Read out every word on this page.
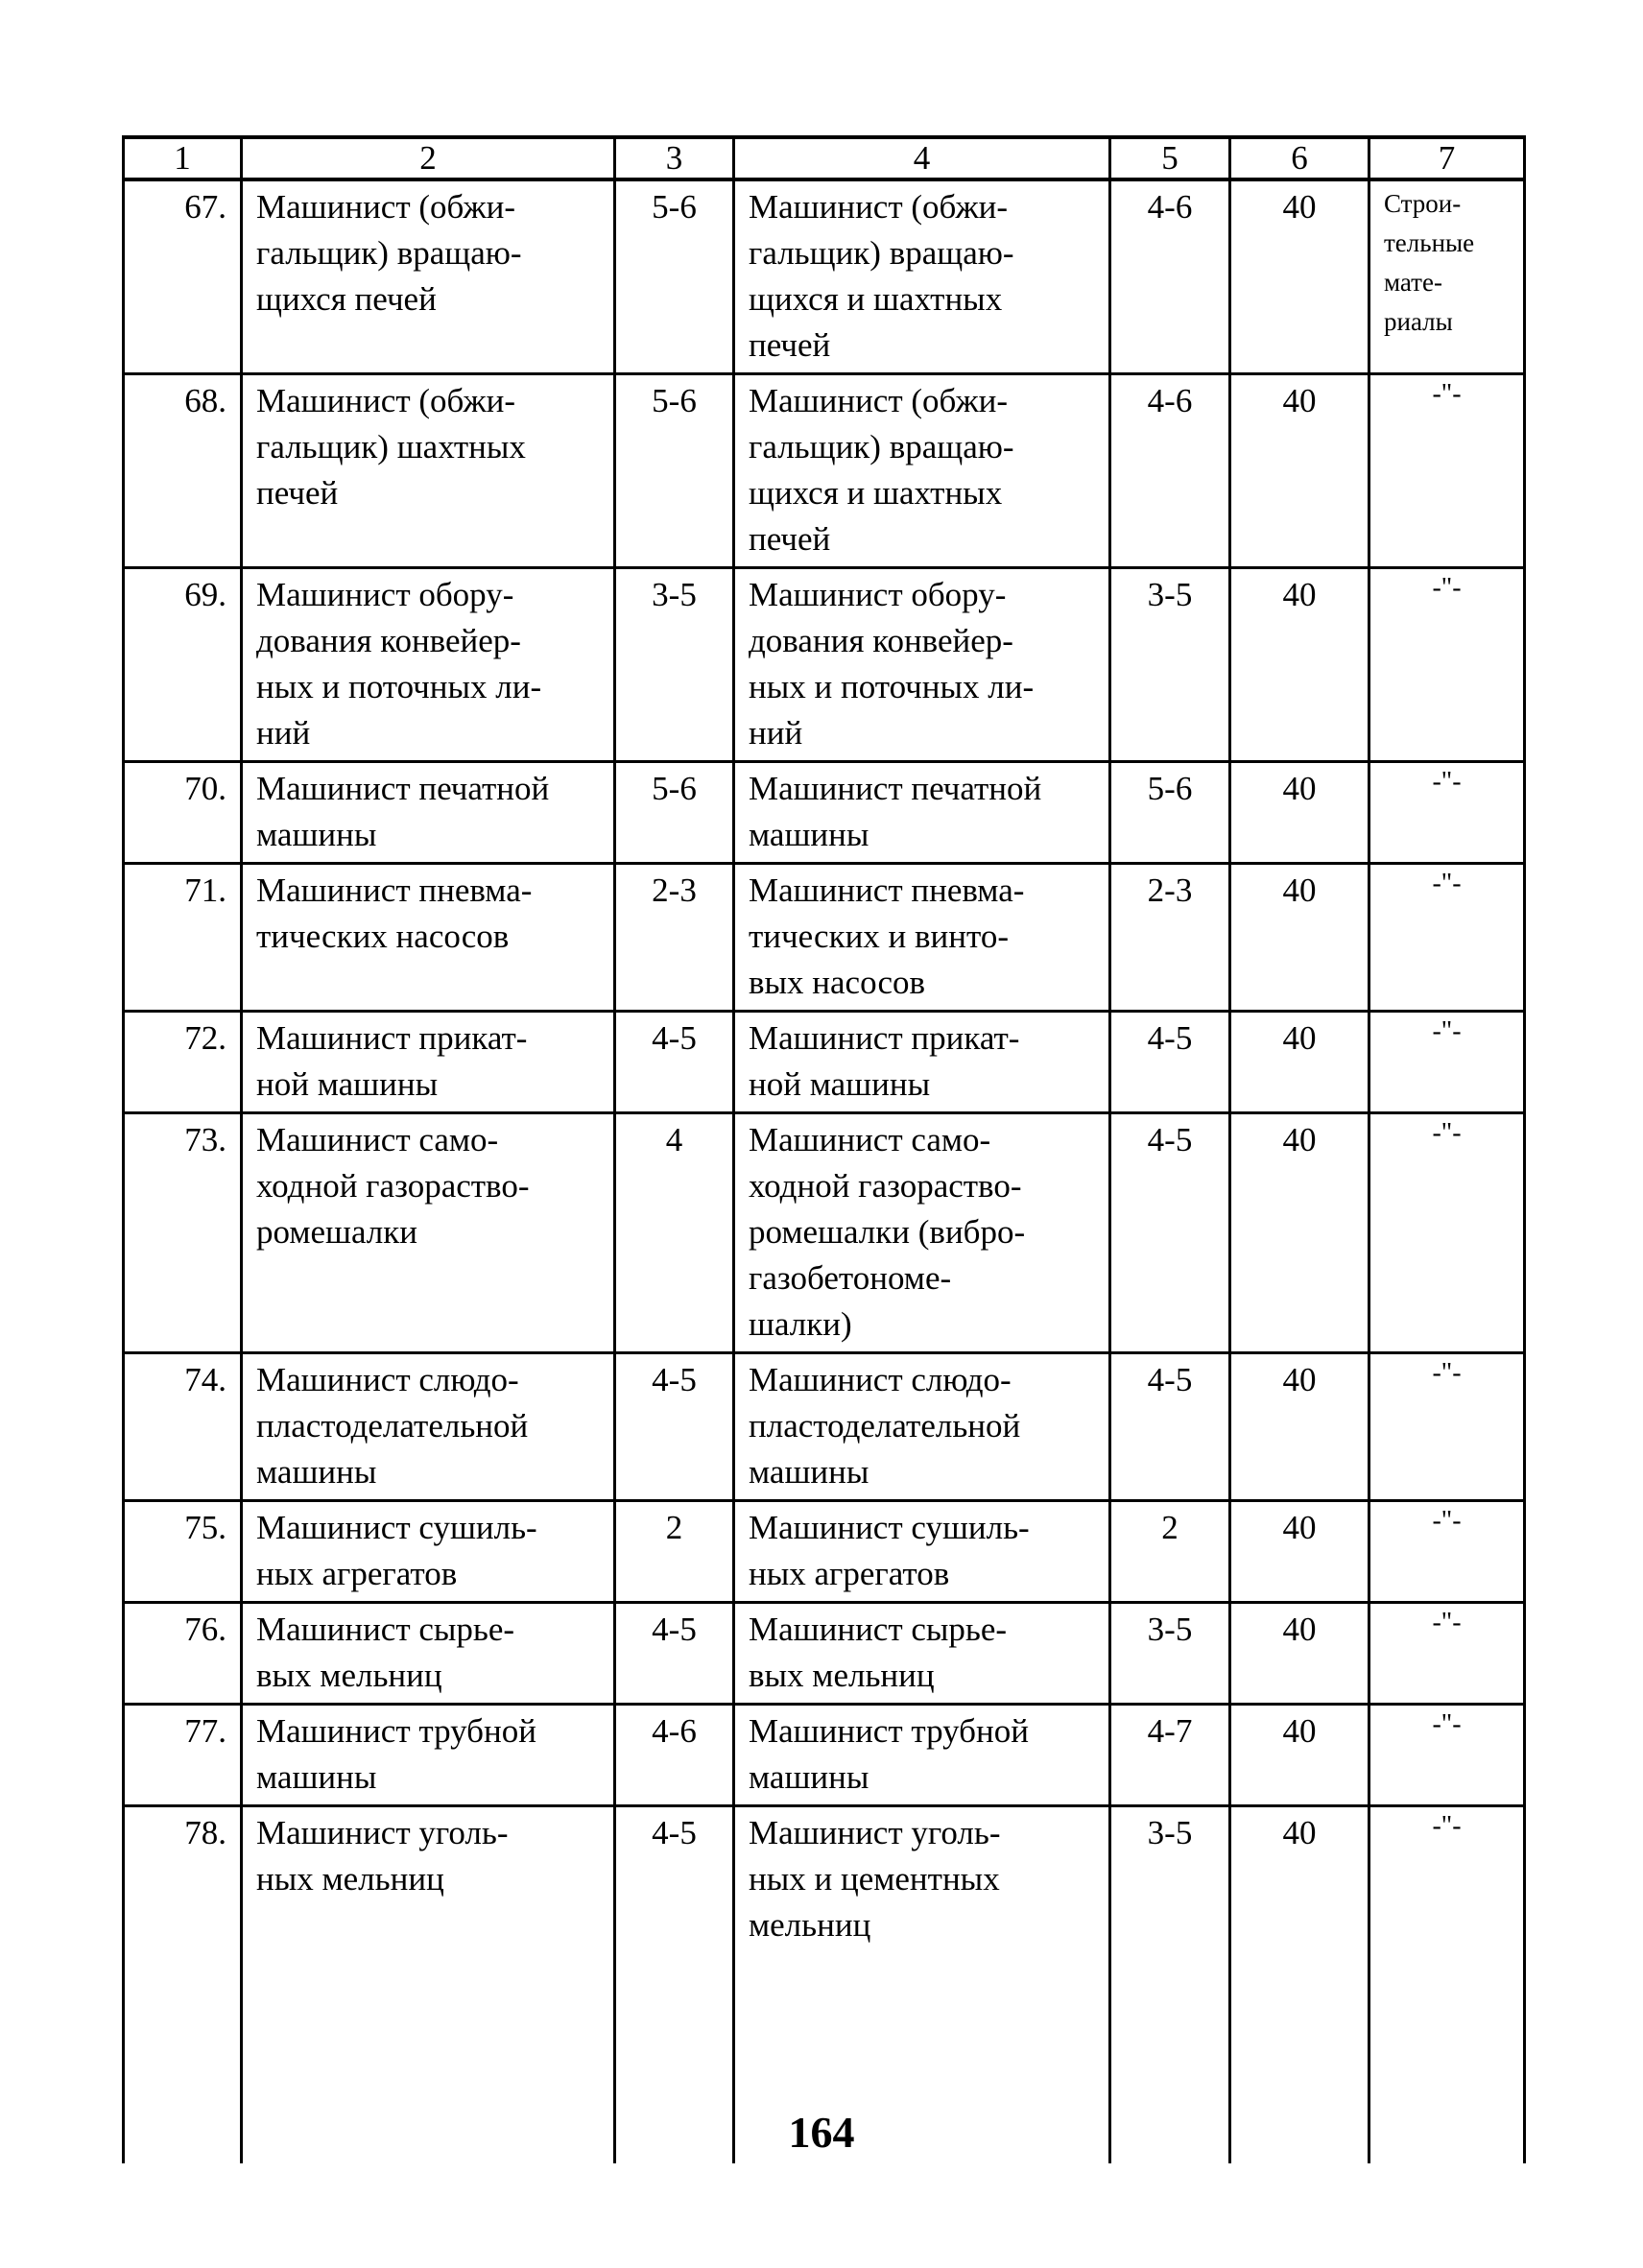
1	2	3	4	5	6	7
67.	Машинист (обжи-
гальщик) вращаю-
щихся печей	5-6	Машинист (обжи-
гальщик) вращаю-
щихся и шахтных
печей	4-6	40	Строи-
тельные
мате-
риалы
68.	Машинист (обжи-
гальщик) шахтных
печей	5-6	Машинист (обжи-
гальщик) вращаю-
щихся и шахтных
печей	4-6	40	-"-
69.	Машинист обору-
дования конвейер-
ных и поточных ли-
ний	3-5	Машинист обору-
дования конвейер-
ных и поточных ли-
ний	3-5	40	-"-
70.	Машинист печатной
машины	5-6	Машинист печатной
машины	5-6	40	-"-
71.	Машинист пневма-
тических насосов	2-3	Машинист пневма-
тических и винто-
вых насосов	2-3	40	-"-
72.	Машинист прикат-
ной машины	4-5	Машинист прикат-
ной машины	4-5	40	-"-
73.	Машинист само-
ходной газораство-
ромешалки	4	Машинист само-
ходной газораство-
ромешалки (вибро-
газобетономе-
шалки)	4-5	40	-"-
74.	Машинист слюдо-
пластоделательной
машины	4-5	Машинист слюдо-
пластоделательной
машины	4-5	40	-"-
75.	Машинист сушиль-
ных агрегатов	2	Машинист сушиль-
ных агрегатов	2	40	-"-
76.	Машинист сырье-
вых мельниц	4-5	Машинист сырье-
вых мельниц	3-5	40	-"-
77.	Машинист трубной
машины	4-6	Машинист трубной
машины	4-7	40	-"-
78.	Машинист уголь-
ных мельниц	4-5	Машинист уголь-
ных и цементных
мельниц	3-5	40	-"-
164
